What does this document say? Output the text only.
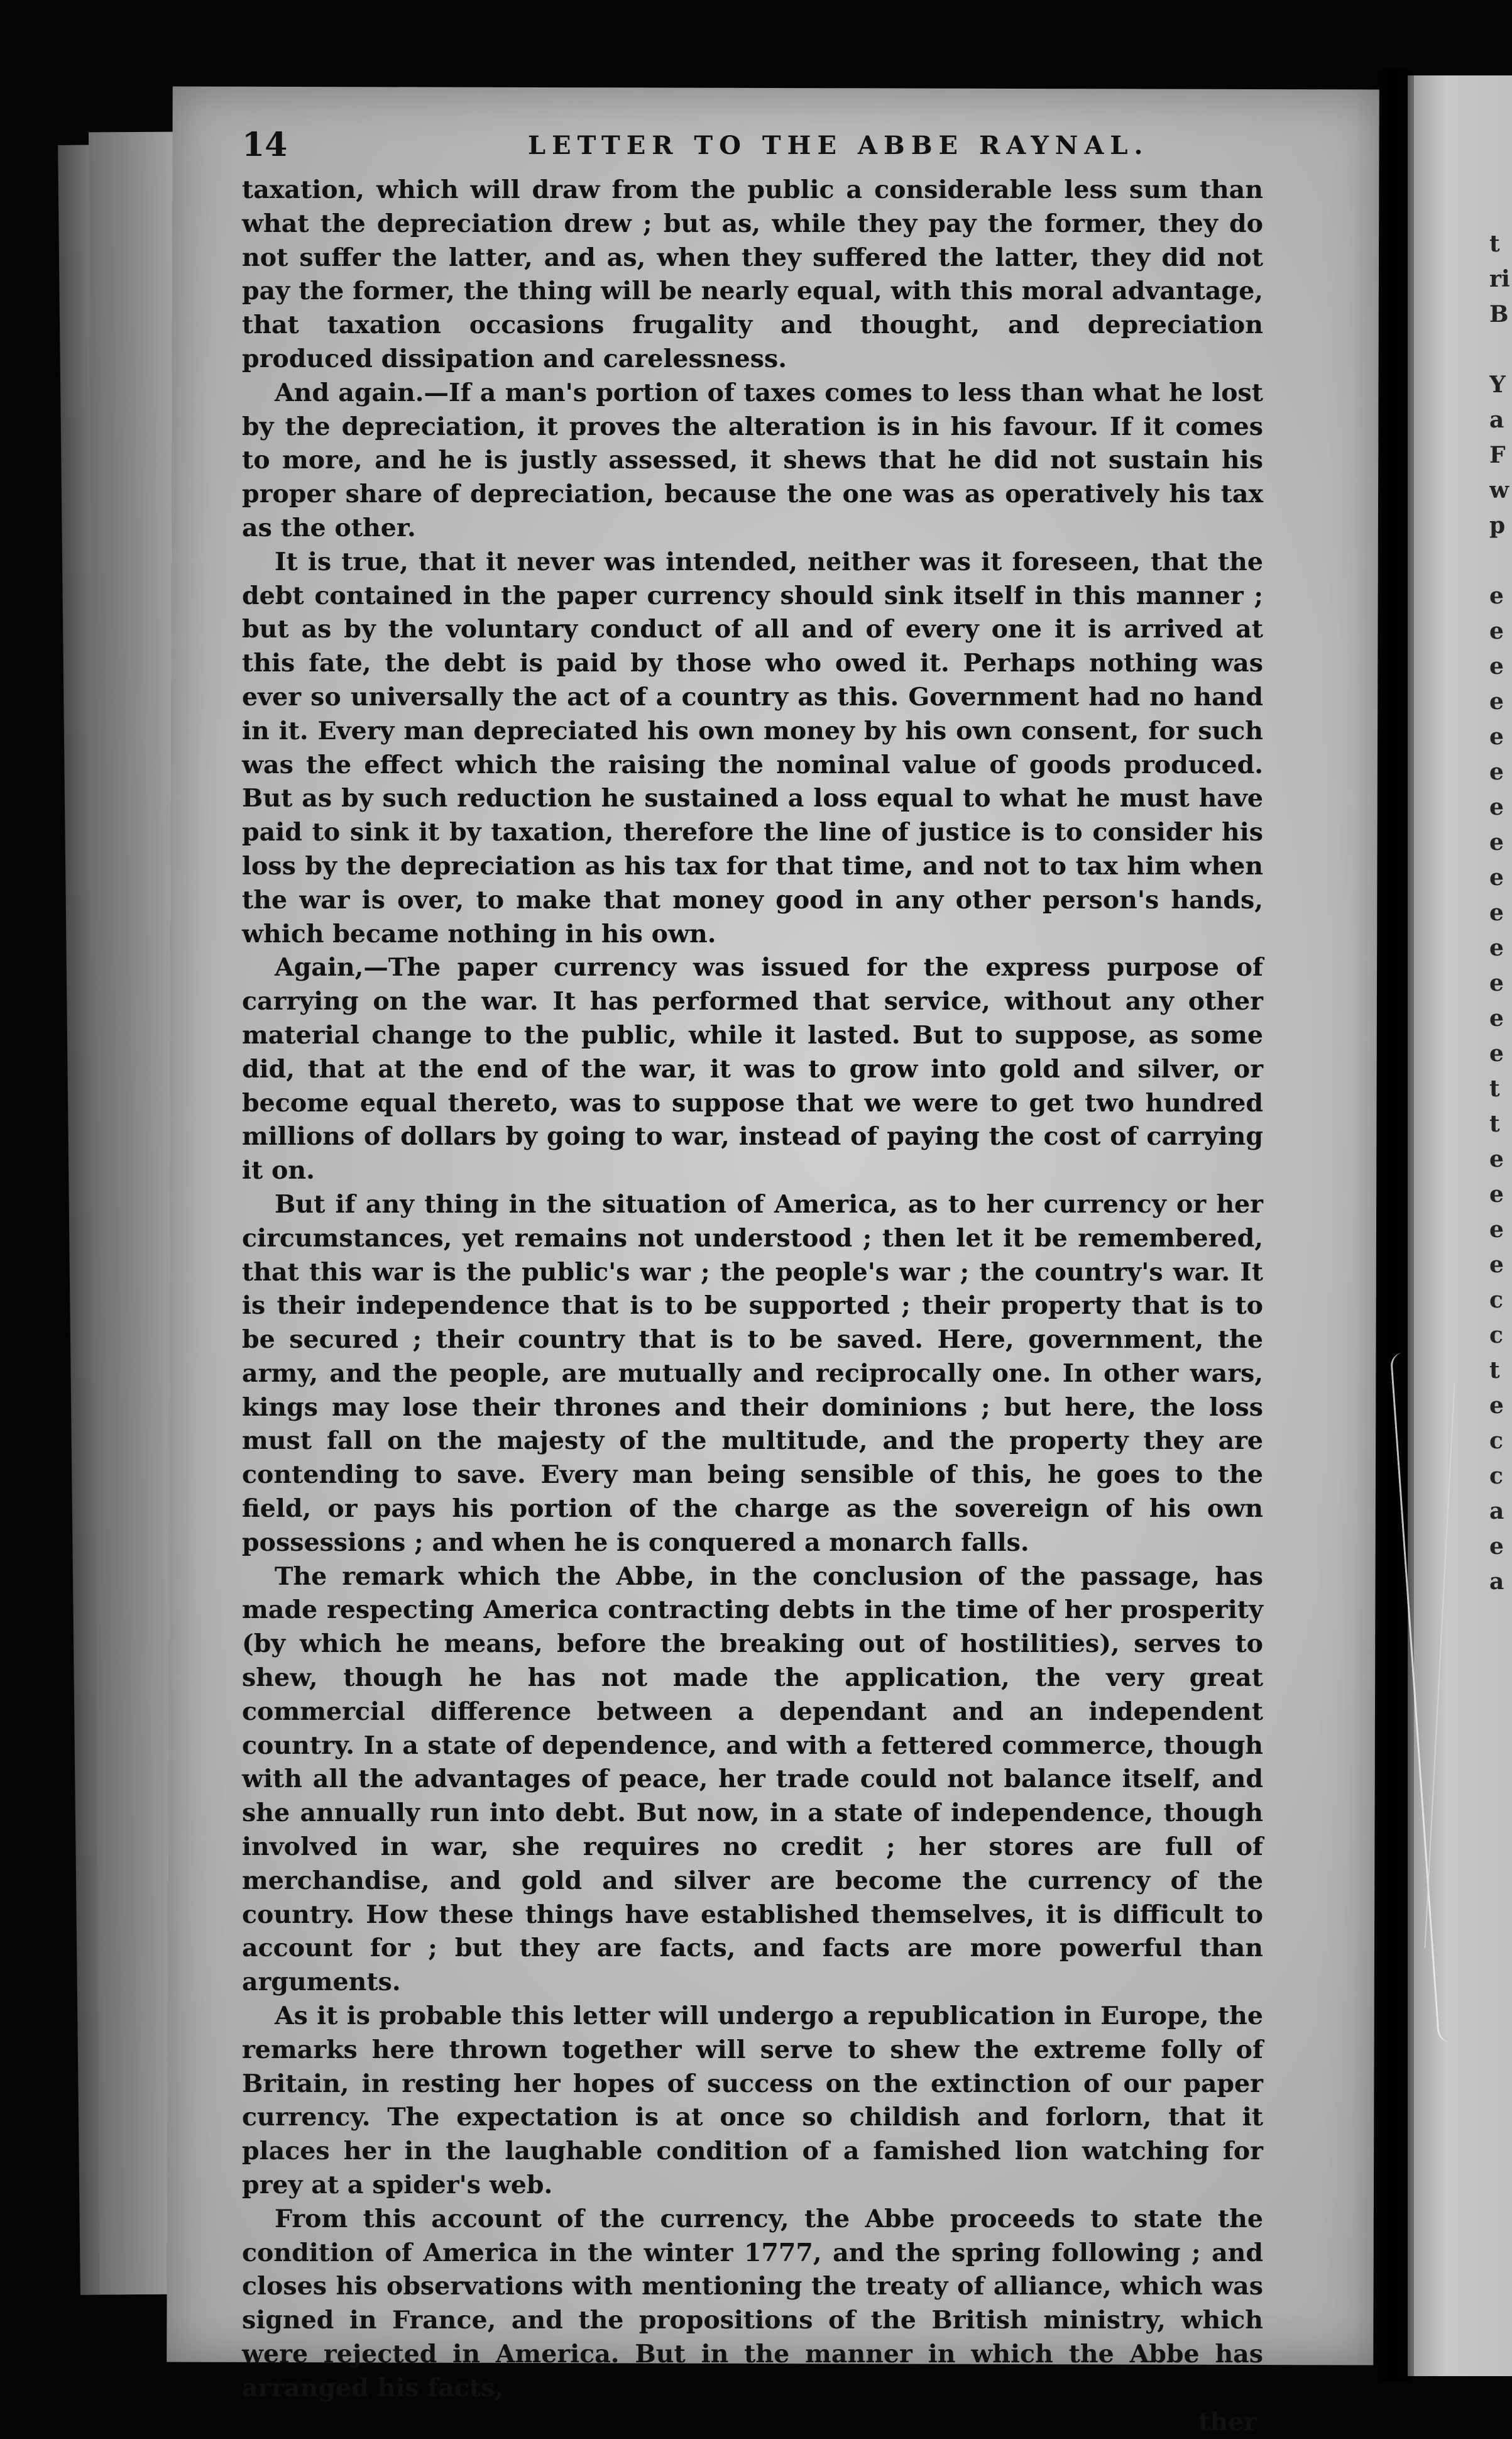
14	LETTER TO THE ABBE RAYNAL.

taxation, which will draw from the public a considerable less sum than what the depreciation drew ; but as, while they pay the former, they do not suffer the latter, and as, when they suffered the latter, they did not pay the former, the thing will be nearly equal, with this moral advantage, that taxation occasions frugality and thought, and depreciation produced dissipation and carelessness.

And again.—If a man's portion of taxes comes to less than what he lost by the depreciation, it proves the alteration is in his favour. If it comes to more, and he is justly assessed, it shews that he did not sustain his proper share of depreciation, because the one was as operatively his tax as the other.

It is true, that it never was intended, neither was it foreseen, that the debt contained in the paper currency should sink itself in this manner ; but as by the voluntary conduct of all and of every one it is arrived at this fate, the debt is paid by those who owed it. Perhaps nothing was ever so universally the act of a country as this. Government had no hand in it. Every man depreciated his own money by his own consent, for such was the effect which the raising the nominal value of goods produced. But as by such reduction he sustained a loss equal to what he must have paid to sink it by taxation, therefore the line of justice is to consider his loss by the depreciation as his tax for that time, and not to tax him when the war is over, to make that money good in any other person's hands, which became nothing in his own.

Again,—The paper currency was issued for the express purpose of carrying on the war. It has performed that service, without any other material change to the public, while it lasted. But to suppose, as some did, that at the end of the war, it was to grow into gold and silver, or become equal thereto, was to suppose that we were to get two hundred millions of dollars by going to war, instead of paying the cost of carrying it on.

But if any thing in the situation of America, as to her currency or her circumstances, yet remains not understood ; then let it be remembered, that this war is the public's war ; the people's war ; the country's war. It is their independence that is to be supported ; their property that is to be secured ; their country that is to be saved. Here, government, the army, and the people, are mutually and reciprocally one. In other wars, kings may lose their thrones and their dominions ; but here, the loss must fall on the majesty of the multitude, and the property they are contending to save. Every man being sensible of this, he goes to the field, or pays his portion of the charge as the sovereign of his own possessions ; and when he is conquered a monarch falls.

The remark which the Abbe, in the conclusion of the passage, has made respecting America contracting debts in the time of her prosperity (by which he means, before the breaking out of hostilities), serves to shew, though he has not made the application, the very great commercial difference between a dependant and an independent country. In a state of dependence, and with a fettered commerce, though with all the advantages of peace, her trade could not balance itself, and she annually run into debt. But now, in a state of independence, though involved in war, she requires no credit ; her stores are full of merchandise, and gold and silver are become the currency of the country. How these things have established themselves, it is difficult to account for ; but they are facts, and facts are more powerful than arguments.

As it is probable this letter will undergo a republication in Europe, the remarks here thrown together will serve to shew the extreme folly of Britain, in resting her hopes of success on the extinction of our paper currency. The expectation is at once so childish and forlorn, that it places her in the laughable condition of a famished lion watching for prey at a spider's web.

From this account of the currency, the Abbe proceeds to state the condition of America in the winter 1777, and the spring following ; and closes his observations with mentioning the treaty of alliance, which was signed in France, and the propositions of the British ministry, which were rejected in America. But in the manner in which the Abbe has arranged his facts,

ther

t
ri
B
Y
a
F
w
p
e
e
e
e
e
e
e
e
e
e
e
e
e
e
t
t
e
e
e
e
c
c
t
e
c
c
a
e
a
